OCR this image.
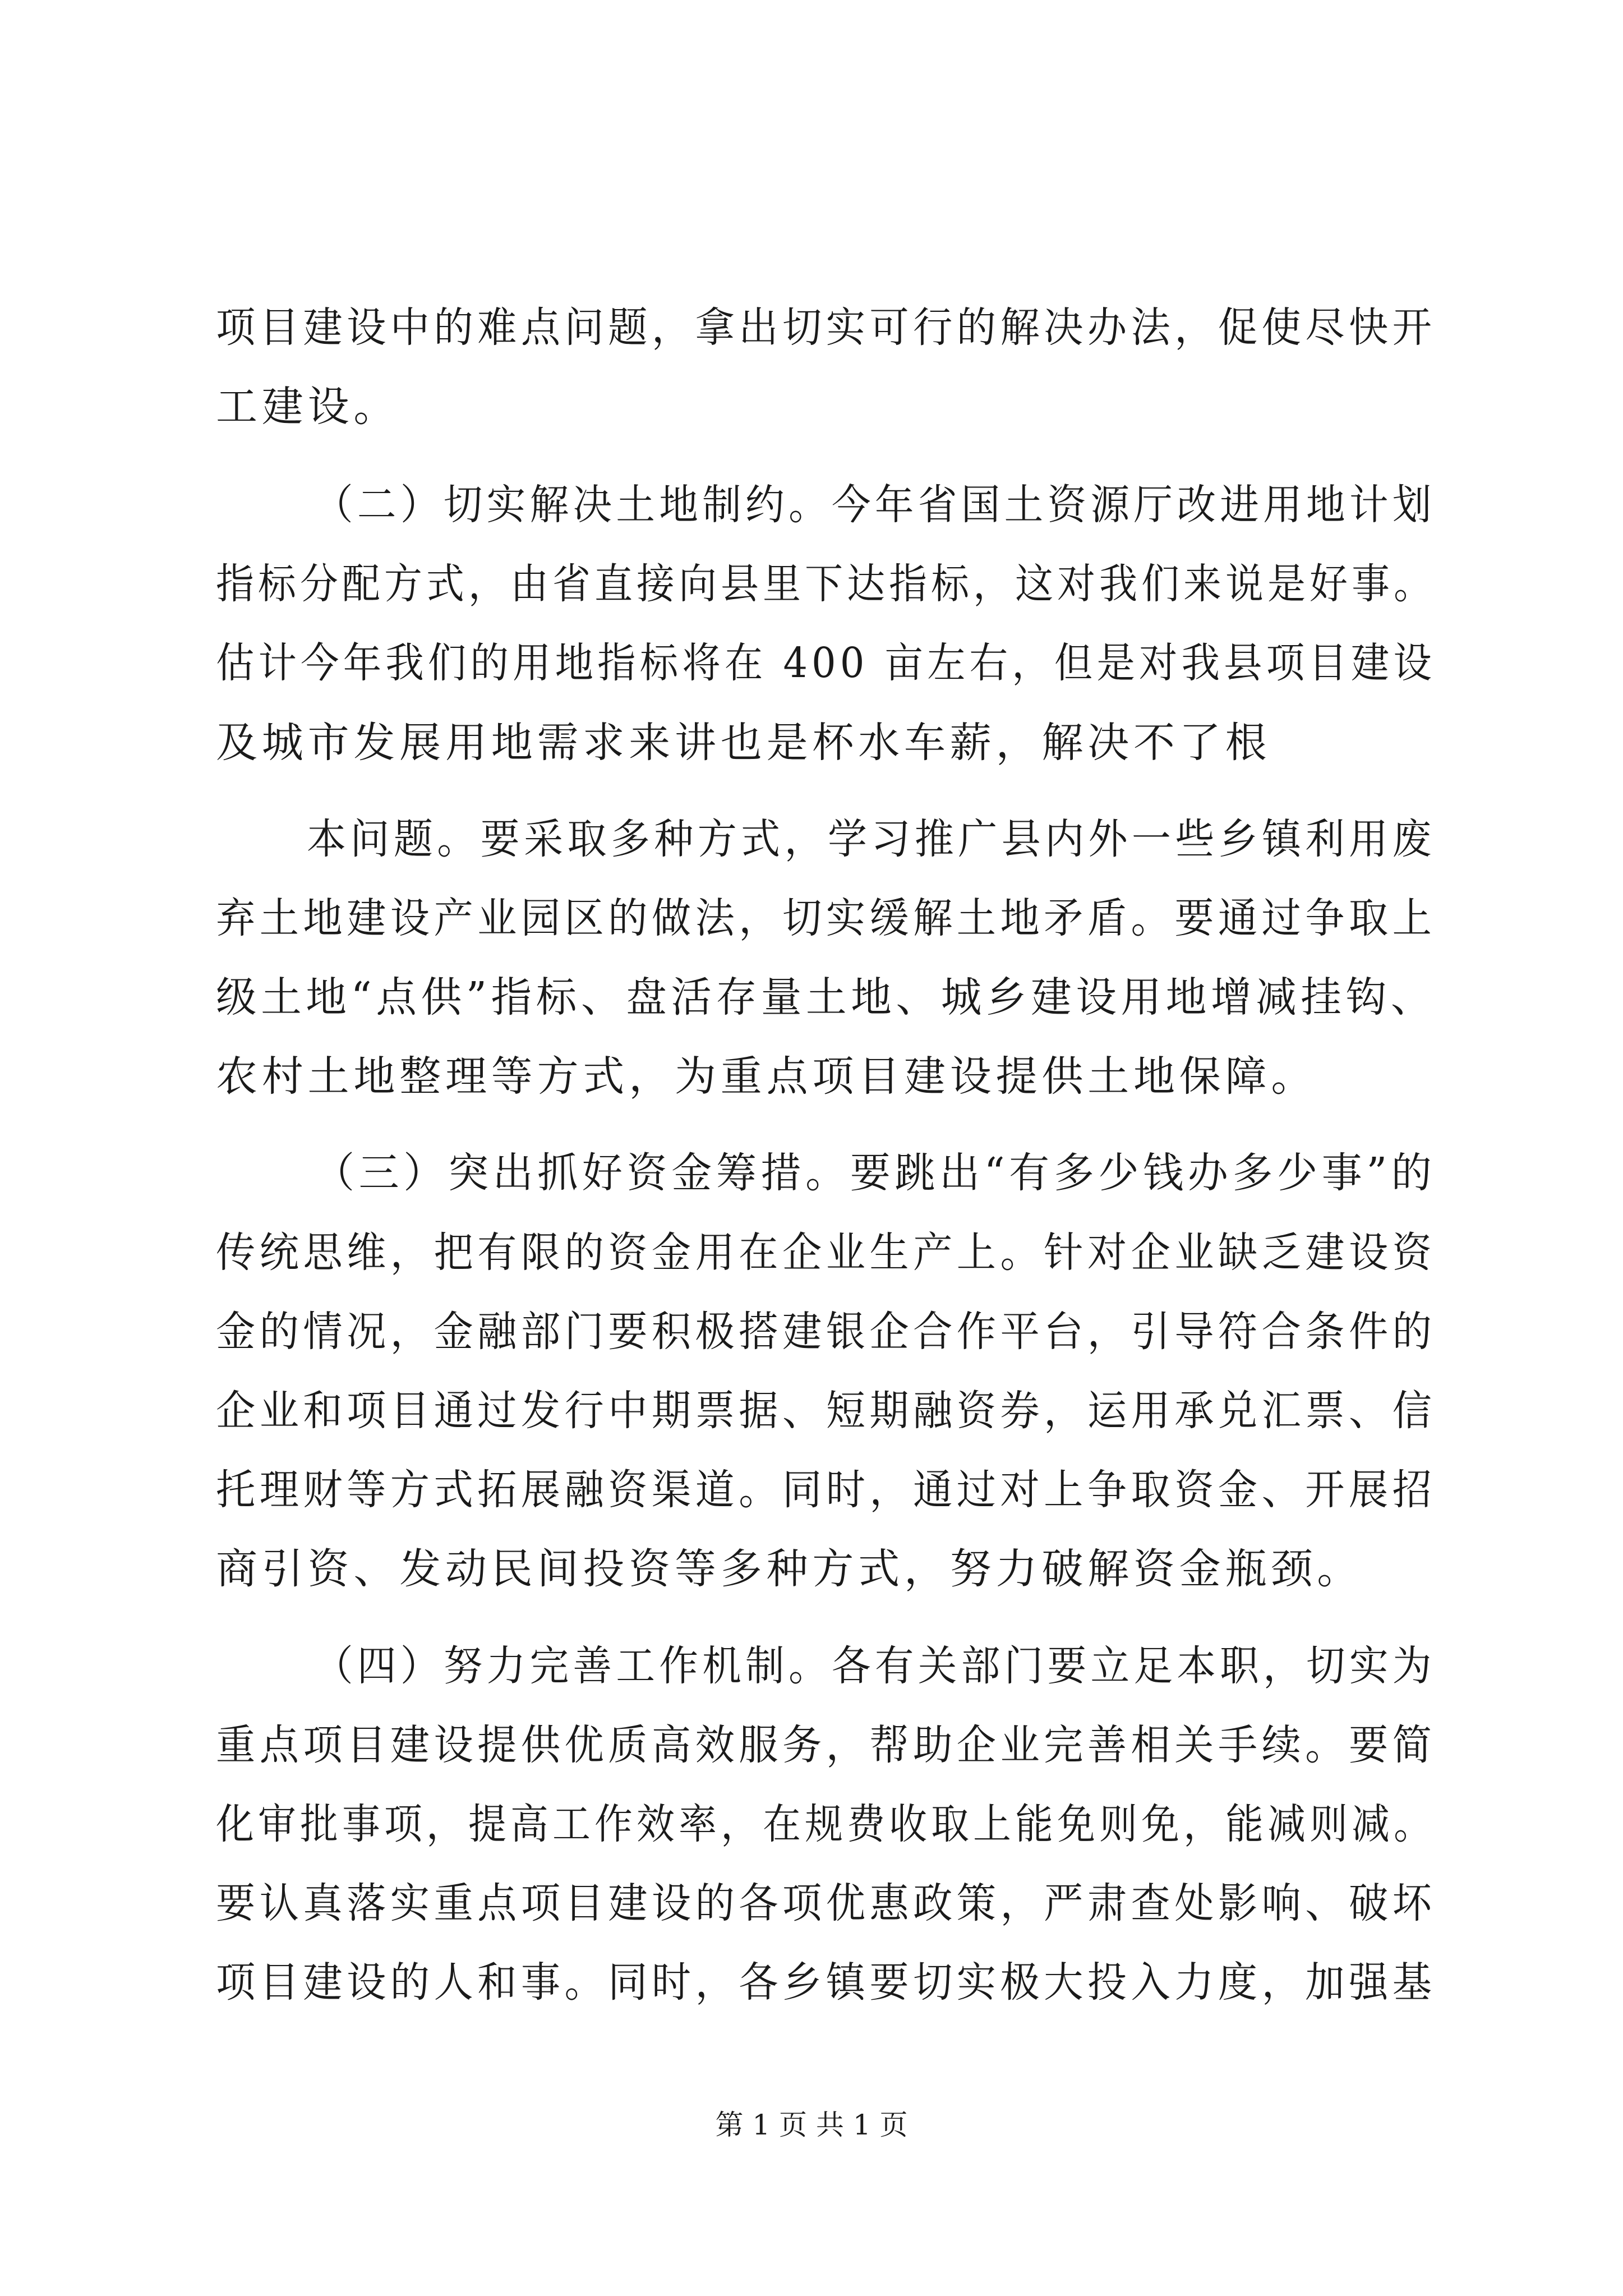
项目建设中的难点问题，拿出切实可行的解决办法，促使尽快开
工建设。
（二）切实解决土地制约。今年省国土资源厅改进用地计划
指标分配方式，由省直接向县里下达指标，这对我们来说是好事。
估计今年我们的用地指标将在 400 亩左右，但是对我县项目建设
及城市发展用地需求来讲也是杯水车薪，解决不了根
本问题。要采取多种方式，学习推广县内外一些乡镇利用废
弃土地建设产业园区的做法，切实缓解土地矛盾。要通过争取上
级土地“点供”指标、盘活存量土地、城乡建设用地增减挂钩、
农村土地整理等方式，为重点项目建设提供土地保障。
（三）突出抓好资金筹措。要跳出“有多少钱办多少事”的
传统思维，把有限的资金用在企业生产上。针对企业缺乏建设资
金的情况，金融部门要积极搭建银企合作平台，引导符合条件的
企业和项目通过发行中期票据、短期融资券，运用承兑汇票、信
托理财等方式拓展融资渠道。同时，通过对上争取资金、开展招
商引资、发动民间投资等多种方式，努力破解资金瓶颈。
（四）努力完善工作机制。各有关部门要立足本职，切实为
重点项目建设提供优质高效服务，帮助企业完善相关手续。要简
化审批事项，提高工作效率，在规费收取上能免则免，能减则减。
要认真落实重点项目建设的各项优惠政策，严肃查处影响、破坏
项目建设的人和事。同时，各乡镇要切实极大投入力度，加强基
第 1 页 共 1 页
